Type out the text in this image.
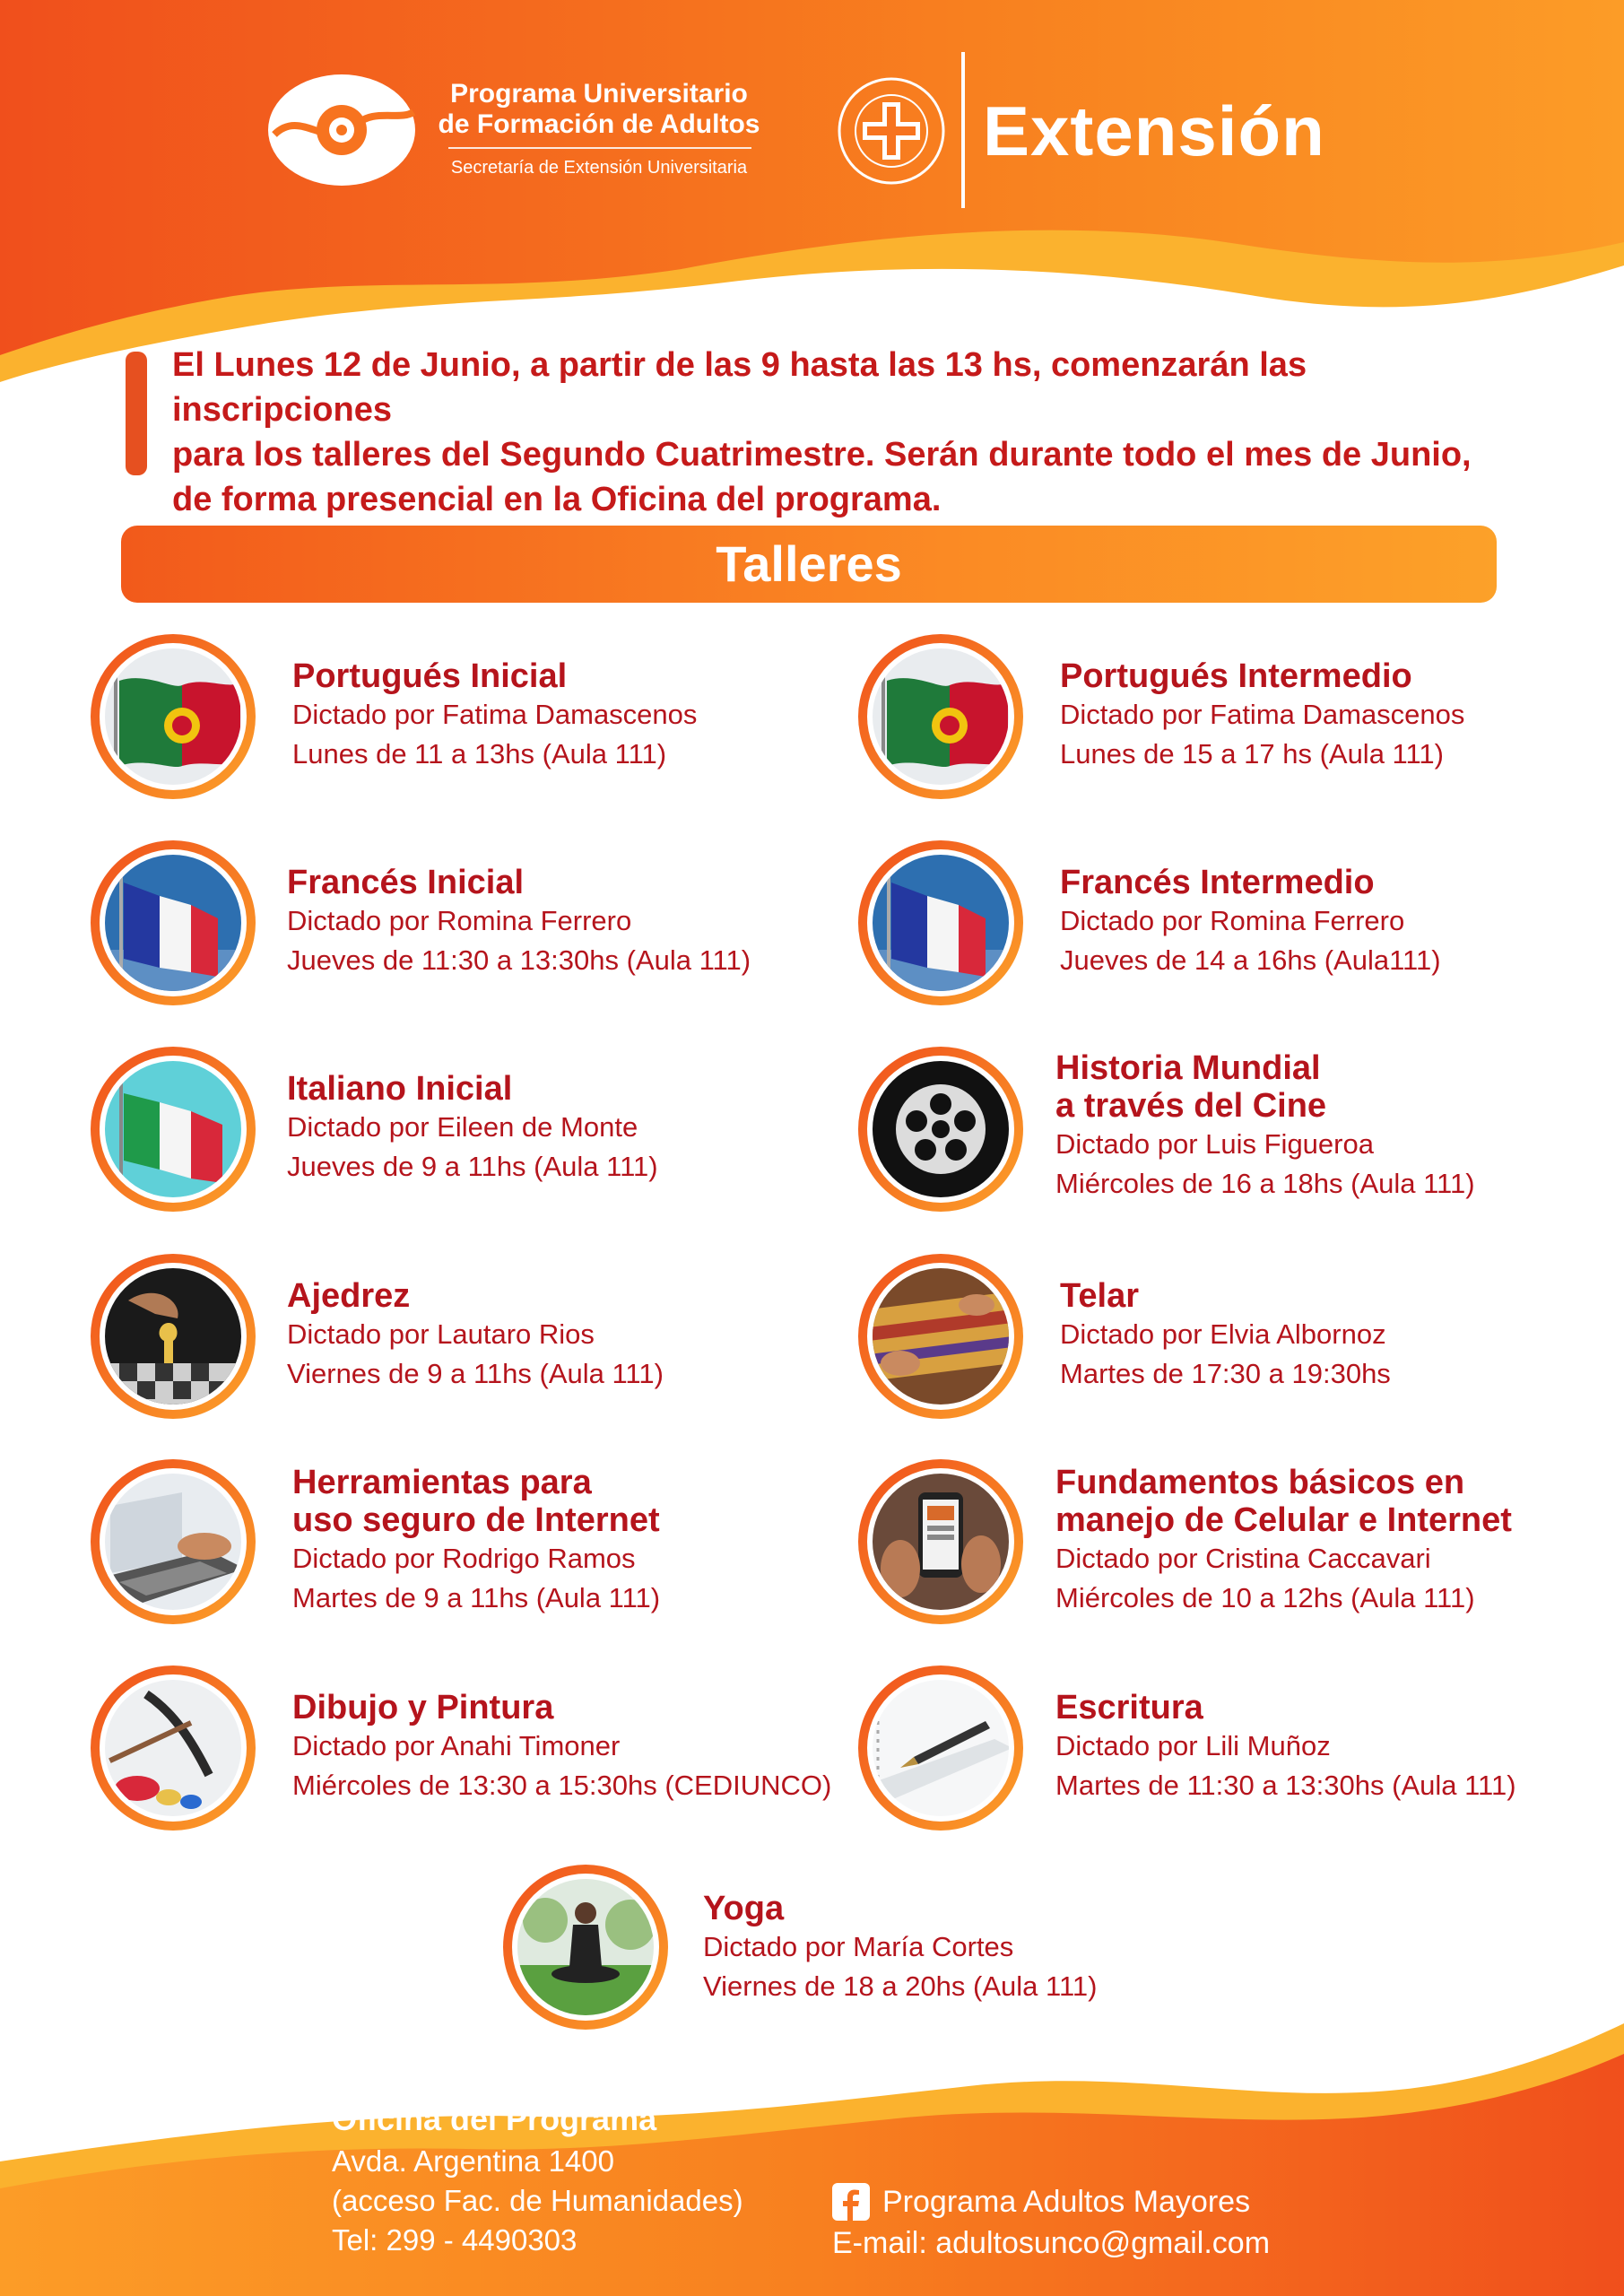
Programa Universitario
de Formación de Adultos
Secretaría de Extensión Universitaria	Extensión
El Lunes 12 de Junio, a partir de las 9 hasta las 13 hs, comenzarán las inscripciones
para los talleres del Segundo Cuatrimestre. Serán durante todo el mes de Junio,
de forma presencial en la Oficina del programa.
Talleres
Portugués Inicial
Dictado por Fatima Damascenos
Lunes de 11 a 13hs (Aula 111)
Portugués Intermedio
Dictado por Fatima Damascenos
Lunes de 15 a 17 hs (Aula 111)
Francés Inicial
Dictado por Romina Ferrero
Jueves de 11:30 a 13:30hs (Aula 111)
Francés Intermedio
Dictado por Romina Ferrero
Jueves de 14 a 16hs (Aula111)
Italiano Inicial
Dictado por Eileen de Monte
Jueves de 9 a 11hs (Aula 111)
Historia Mundial
a través del Cine
Dictado por Luis Figueroa
Miércoles de 16 a 18hs (Aula 111)
Ajedrez
Dictado por Lautaro Rios
Viernes de 9 a 11hs (Aula 111)
Telar
Dictado por Elvia Albornoz
Martes de 17:30 a 19:30hs
Herramientas para
uso seguro de Internet
Dictado por Rodrigo Ramos
Martes de 9 a 11hs (Aula 111)
Fundamentos básicos en
manejo de Celular e Internet
Dictado por Cristina Caccavari
Miércoles de 10 a 12hs (Aula 111)
Dibujo y Pintura
Dictado por Anahi Timoner
Miércoles de 13:30 a 15:30hs (CEDIUNCO)
Escritura
Dictado por Lili Muñoz
Martes de 11:30 a 13:30hs (Aula 111)
Yoga
Dictado por María Cortes
Viernes de 18 a 20hs (Aula 111)
Oficina del Programa
Avda. Argentina 1400
(acceso Fac. de Humanidades)
Tel: 299 - 4490303
Programa Adultos Mayores
E-mail: adultosunco@gmail.com
